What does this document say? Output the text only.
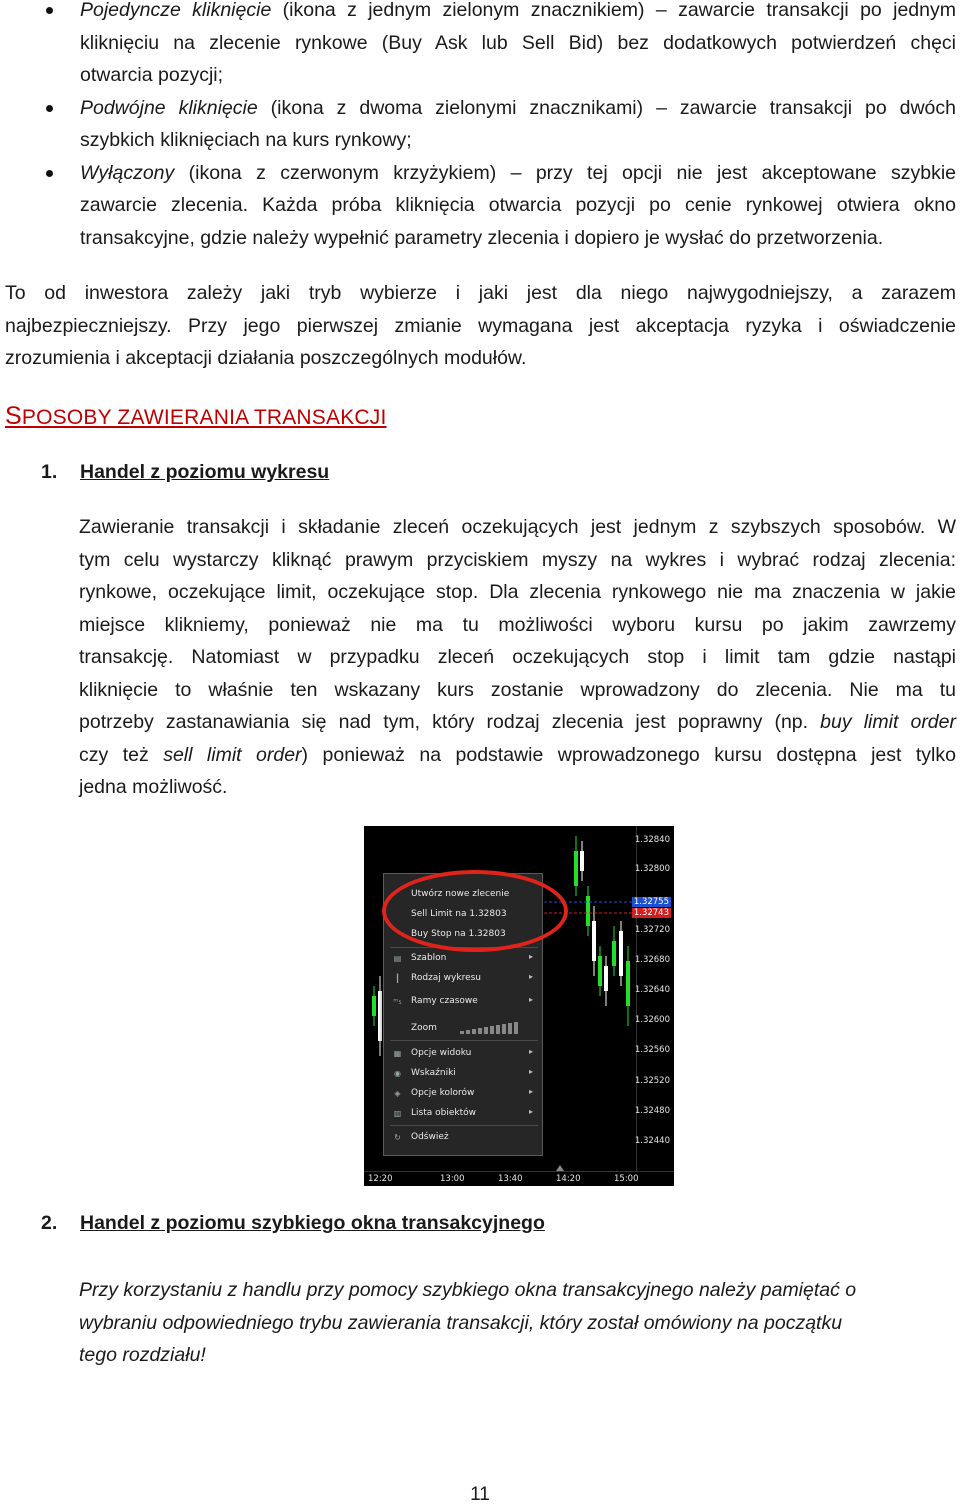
Pojedyncze kliknięcie (ikona z jednym zielonym znacznikiem) – zawarcie transakcji po jednym
kliknięciu na zlecenie rynkowe (Buy Ask lub Sell Bid) bez dodatkowych potwierdzeń chęci
otwarcia pozycji;
Podwójne kliknięcie (ikona z dwoma zielonymi znacznikami) – zawarcie transakcji po dwóch
szybkich kliknięciach na kurs rynkowy;
Wyłączony (ikona z czerwonym krzyżykiem) – przy tej opcji nie jest akceptowane szybkie
zawarcie zlecenia. Każda próba kliknięcia otwarcia pozycji po cenie rynkowej otwiera okno
transakcyjne, gdzie należy wypełnić parametry zlecenia i dopiero je wysłać do przetworzenia.
To od inwestora zależy jaki tryb wybierze i jaki jest dla niego najwygodniejszy, a zarazem
najbezpieczniejszy. Przy jego pierwszej zmianie wymagana jest akceptacja ryzyka i oświadczenie
zrozumienia i akceptacji działania poszczególnych modułów.
SPOSOBY ZAWIERANIA TRANSAKCJI
1. Handel z poziomu wykresu
Zawieranie transakcji i składanie zleceń oczekujących jest jednym z szybszych sposobów. W
tym celu wystarczy kliknąć prawym przyciskiem myszy na wykres i wybrać rodzaj zlecenia:
rynkowe, oczekujące limit, oczekujące stop. Dla zlecenia rynkowego nie ma znaczenia w jakie
miejsce klikniemy, ponieważ nie ma tu możliwości wyboru kursu po jakim zawrzemy
transakcję. Natomiast w przypadku zleceń oczekujących stop i limit tam gdzie nastąpi
kliknięcie to właśnie ten wskazany kurs zostanie wprowadzony do zlecenia. Nie ma tu
potrzeby zastanawiania się nad tym, który rodzaj zlecenia jest poprawny (np. buy limit order
czy też sell limit order) ponieważ na podstawie wprowadzonego kursu dostępna jest tylko
jedna możliwość.
1.32840
1.32800
1.32755
1.32743
1.32720
1.32680
1.32640
1.32600
1.32560
1.32520
1.32480
1.32440
12:20	13:00	13:40	14:20	15:00
Utwórz nowe zlecenie
Sell Limit na 1.32803
Buy Stop na 1.32803
▤ Szablon	▸
┃ Rodzaj wykresu	▸
ᵐ₅ Ramy czasowe	▸
Zoom
▦ Opcje widoku	▸
◉ Wskaźniki	▸
◈ Opcje kolorów	▸
▥ Lista obiektów	▸
↻ Odśwież
2. Handel z poziomu szybkiego okna transakcyjnego
Przy korzystaniu z handlu przy pomocy szybkiego okna transakcyjnego należy pamiętać o
wybraniu odpowiedniego trybu zawierania transakcji, który został omówiony na początku
tego rozdziału!
11
